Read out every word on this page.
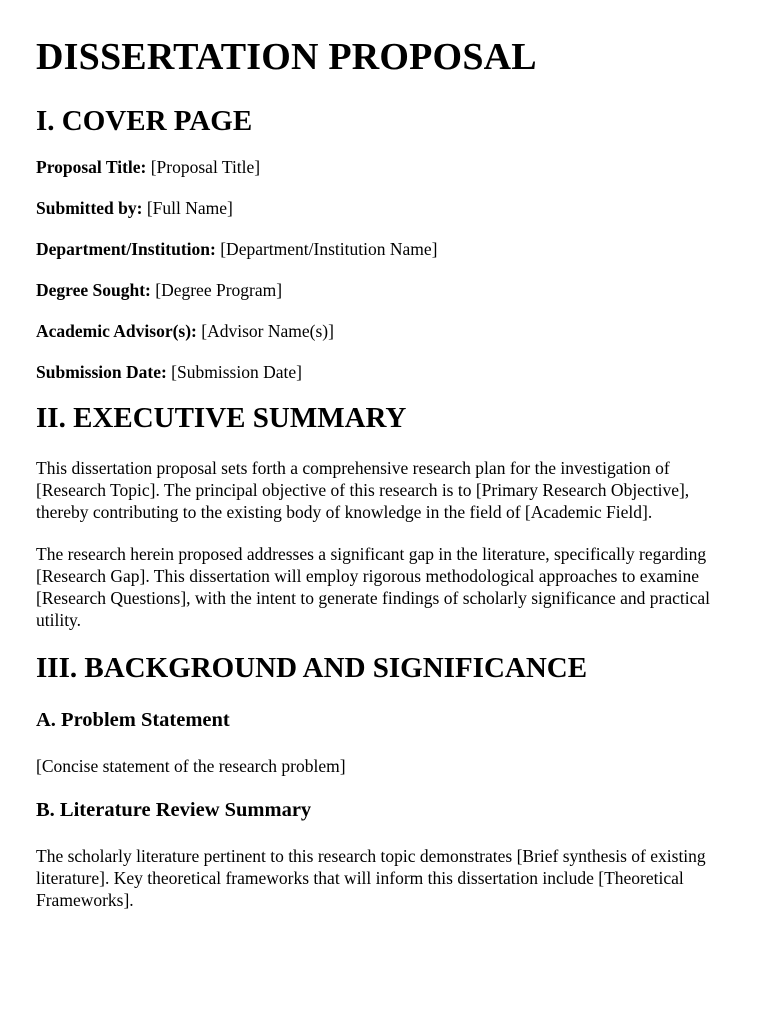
DISSERTATION PROPOSAL
I. COVER PAGE

Proposal Title: [Proposal Title]

Submitted by: [Full Name]

Department/Institution: [Department/Institution Name]

Degree Sought: [Degree Program]

Academic Advisor(s): [Advisor Name(s)]

Submission Date: [Submission Date]

II. EXECUTIVE SUMMARY

This dissertation proposal sets forth a comprehensive research plan for the investigation of [Research Topic]. The principal objective of this research is to [Primary Research Objective], thereby contributing to the existing body of knowledge in the field of [Academic Field].

The research herein proposed addresses a significant gap in the literature, specifically regarding [Research Gap]. This dissertation will employ rigorous methodological approaches to examine [Research Questions], with the intent to generate findings of scholarly significance and practical utility.

III. BACKGROUND AND SIGNIFICANCE
A. Problem Statement

[Concise statement of the research problem]

B. Literature Review Summary

The scholarly literature pertinent to this research topic demonstrates [Brief synthesis of existing literature]. Key theoretical frameworks that will inform this dissertation include [Theoretical Frameworks].
